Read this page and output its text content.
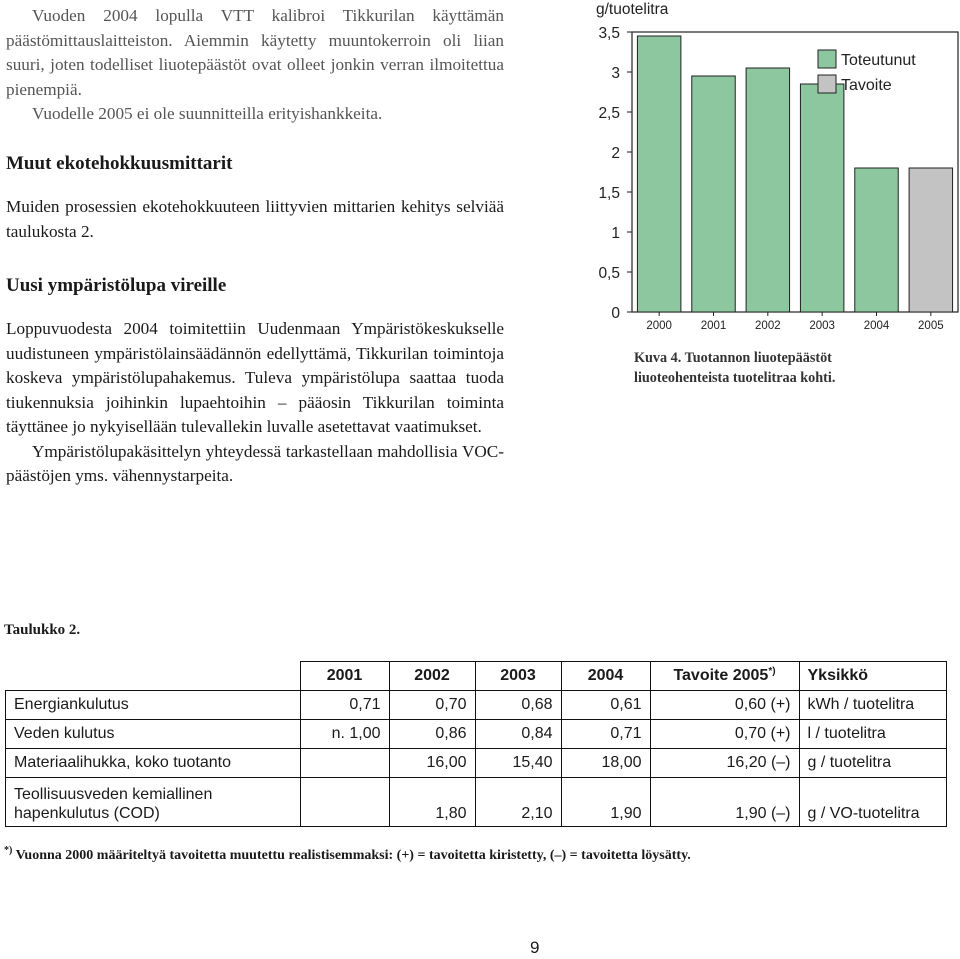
Vuoden 2004 lopulla VTT kalibroi Tikkurilan käyttämän päästömittauslaitteiston. Aiemmin käytetty muuntokerroin oli liian suuri, joten todelliset liuotepäästöt ovat olleet jonkin verran ilmoitettua pienempiä.

Vuodelle 2005 ei ole suunnitteilla erityishankkeita.

Muut ekotehokkuusmittarit

Muiden prosessien ekotehokkuuteen liittyvien mittarien kehitys selviää taulukosta 2.

Uusi ympäristölupa vireille

Loppuvuodesta 2004 toimitettiin Uudenmaan Ympäristökeskukselle uudistuneen ympäristölainsäädännön edellyttämä, Tikkurilan toimintoja koskeva ympäristölupahakemus. Tuleva ympäristölupa saattaa tuoda tiukennuksia joihinkin lupaehtoihin – pääosin Tikkurilan toiminta täyttänee jo nykyisellään tulevallekin luvalle asetettavat vaatimukset.

Ympäristölupakäsittelyn yhteydessä tarkastellaan mahdollisia VOC-päästöjen yms. vähennystarpeita.

0
0,5
1
1,5
2
2,5
3
3,5
g/tuotelitra
2000 2001 2002 2003 2004 2005
Toteutunut
Tavoite
Kuva 4. Tuotannon liuotepäästöt
liuoteohenteista tuotelitraa kohti.
Taulukko 2.
	2001	2002	2003	2004	Tavoite 2005*)	Yksikkö
Energiankulutus	0,71	0,70	0,68	0,61	0,60 (+)	kWh / tuotelitra
Veden kulutus	n. 1,00	0,86	0,84	0,71	0,70 (+)	l / tuotelitra
Materiaalihukka, koko tuotanto		16,00	15,40	18,00	16,20 (–)	g / tuotelitra

Teollisuusveden kemiallinen
hapenkulutus (COD)		1,80	2,10	1,90	1,90 (–)	g / VO-tuotelitra
*) Vuonna 2000 määriteltyä tavoitetta muutettu realistisemmaksi: (+) = tavoitetta kiristetty, (–) = tavoitetta löysätty.
9
